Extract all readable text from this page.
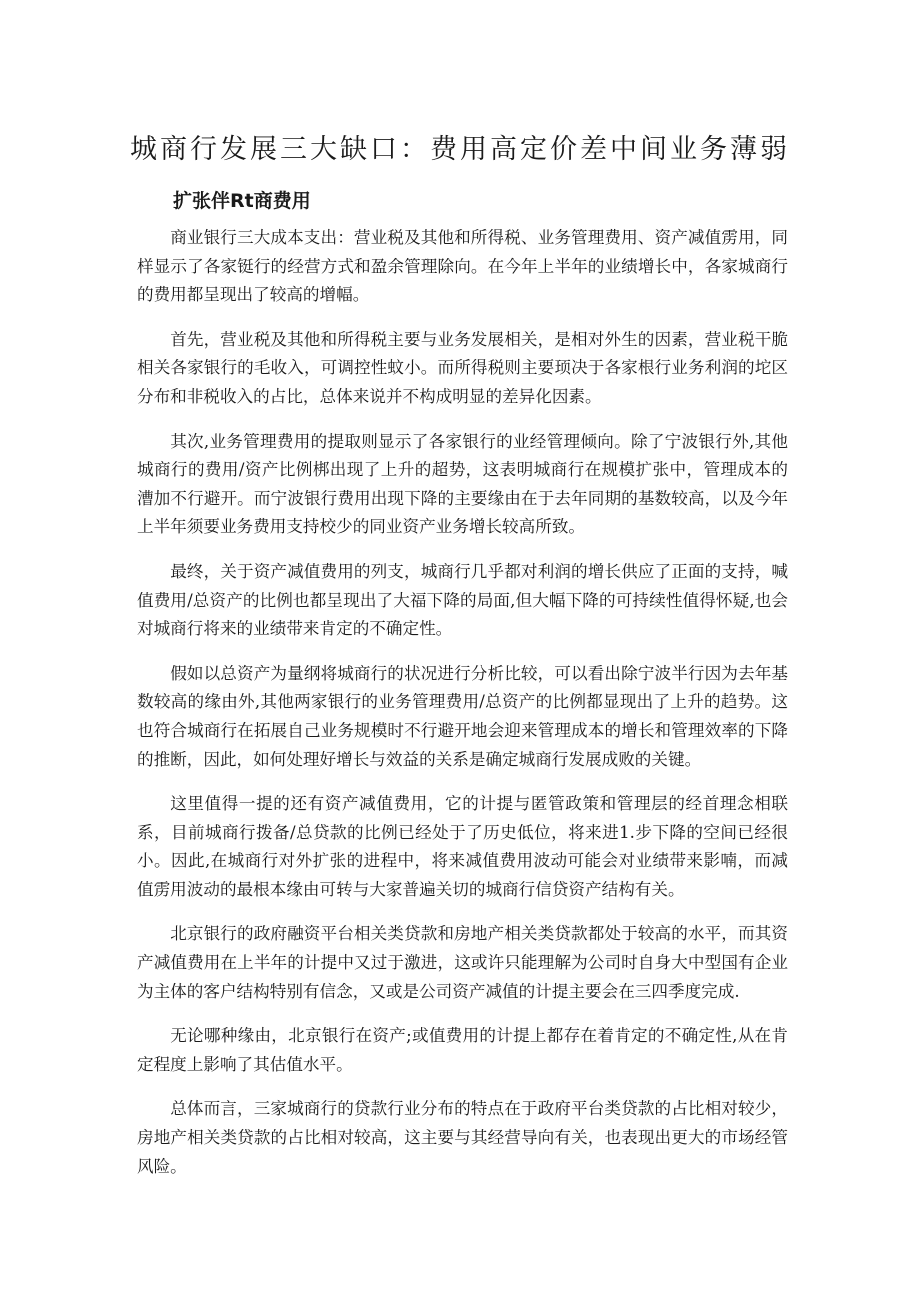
城商行发展三大缺口：费用高定价差中间业务薄弱
扩张伴Rt商费用

商业银行三大成本支出：营业税及其他和所得税、业务管理费用、资产减值雳用，同样显示了各家铤行的经营方式和盈余管理除向。在今年上半年的业绩增长中，各家城商行的费用都呈现出了较高的增幅。

首先，营业税及其他和所得税主要与业务发展相关，是相对外生的因素，营业税干脆相关各家银行的毛收入，可调控性蚊小。而所得税则主要顼决于各家根行业务利润的坨区分布和非税收入的占比，总体来说并不构成明显的差异化因素。

其次,业务管理费用的提取则显示了各家银行的业经管理倾向。除了宁波银行外,其他城商行的费用/资产比例梆出现了上升的超势，这表明城商行在规模扩张中，管理成本的漕加不行避开。而宁波银行费用出现下降的主要缘由在于去年同期的基数较高，以及今年上半年须要业务费用支持校少的同业资产业务增长较高所致。

最终，关于资产减值费用的列支，城商行几乎都对利润的增长供应了正面的支持，喊值费用/总资产的比例也都呈现出了大福下降的局面,但大幅下降的可持续性值得怀疑,也会对城商行将来的业绩带来肯定的不确定性。

假如以总资产为量纲将城商行的状况进行分析比较，可以看出除宁波半行因为去年基数较高的缘由外,其他两家银行的业务管理费用/总资产的比例都显现出了上升的趋势。这也符合城商行在拓展自己业务规模时不行避开地会迎来管理成本的增长和管理效率的下降的推断，因此，如何处理好增长与效益的关系是确定城商行发展成败的关键。

这里值得一提的还有资产减值费用，它的计提与匿管政策和管理层的经首理念相联系，目前城商行拨备/总贷款的比例已经处于了历史低位，将来进1.步下降的空间已经很小。因此,在城商行对外扩张的进程中，将来减值费用波动可能会对业绩带来影喃，而减值雳用波动的最根本缘由可转与大家普遍关切的城商行信贷资产结构有关。

北京银行的政府融资平台相关类贷款和房地产相关类贷款都处于较高的水平，而其资产减值费用在上半年的计提中又过于激进，这或许只能理解为公司时自身大中型国有企业为主体的客户结构特别有信念，又或是公司资产减值的计提主要会在三四季度完成.

无论哪种缘由，北京银行在资产;或值费用的计提上都存在着肯定的不确定性,从在肯定程度上影响了其估值水平。

总体而言，三家城商行的贷款行业分布的特点在于政府平台类贷款的占比相对较少，房地产相关类贷款的占比相对较高，这主要与其经营导向有关，也表现出更大的市场经管风险。
